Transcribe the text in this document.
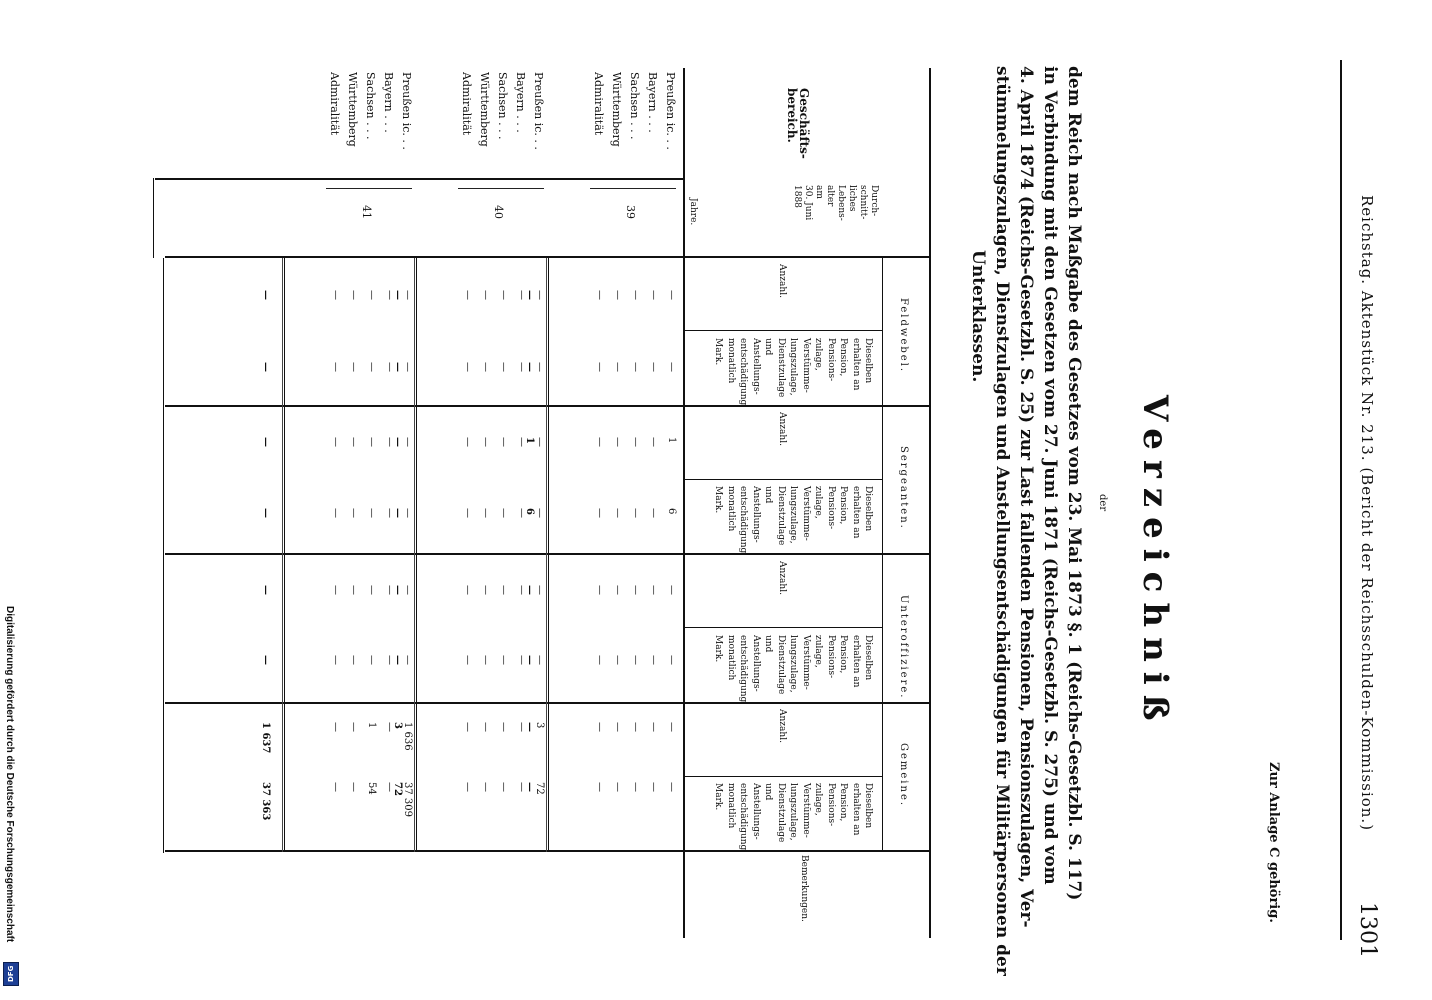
Digitalisierung gefördert durch die Deutsche Forschungsgemeinschaft
DFG
1301
Reichstag. Aktenstück Nr. 213. (Bericht der Reichsschulden-Kommission.)
Zur Anlage C gehörig.
Verzeichniß
der
dem Reich nach Maßgabe des Gesetzes vom 23. Mai 1873 §. 1 (Reichs-Gesetzbl. S. 117)
in Verbindung mit den Gesetzen vom 27. Juni 1871 (Reichs-Gesetzbl. S. 275) und vom
4. April 1874 (Reichs-Gesetzbl. S. 25) zur Last fallenden Pensionen, Pensionszulagen, Ver-
stümmelungszulagen, Dienstzulagen und Anstellungsentschädigungen für Militärpersonen der
Unterklassen.
Geschäfts-bereich.
Durch-
schnitt-
liches
Lebens-
alter
am
30. Juni
1888
Jahre.
Bemerkungen.
Feldwebel.
Anzahl.
Dieselben
erhalten an
Pension,
Pensions-
zulage,
Verstümme-
lungszulage,
Dienstzulage
und
Anstellungs-
entschädigung
monatlich
Mark.
Sergeanten.
Anzahl.
Dieselben
erhalten an
Pension,
Pensions-
zulage,
Verstümme-
lungszulage,
Dienstzulage
und
Anstellungs-
entschädigung
monatlich
Mark.
Unteroffiziere.
Anzahl.
Dieselben
erhalten an
Pension,
Pensions-
zulage,
Verstümme-
lungszulage,
Dienstzulage
und
Anstellungs-
entschädigung
monatlich
Mark.
Gemeine.
Anzahl.
Dieselben
erhalten an
Pension,
Pensions-
zulage,
Verstümme-
lungszulage,
Dienstzulage
und
Anstellungs-
entschädigung
monatlich
Mark.
Preußen ic. . .
—
—
1
6
—
—
—
—
Bayern . . .
—
—
—
—
—
—
—
—
Sachsen . . .
—
—
—
—
—
—
—
—
Württemberg
—
—
—
—
—
—
—
—
Admiralität
—
—
—
—
—
—
—
—
39
—
—
1
6
—
—
—
—
Preußen ic. . .
—
—
—
—
—
—
3
72
Bayern . . .
—
—
—
—
—
—
—
—
Sachsen . . .
—
—
—
—
—
—
—
—
Württemberg
—
—
—
—
—
—
—
—
Admiralität
—
—
—
—
—
—
—
—
40
—
—
—
—
—
—
3
72
Preußen ic. . .
—
—
—
—
—
—
1 636
37 309
Bayern . . .
—
—
—
—
—
—
—
—
Sachsen . . .
—
—
—
—
—
—
1
54
Württemberg
—
—
—
—
—
—
—
—
Admiralität
—
—
—
—
—
—
—
—
41
—
—
—
—
—
—
1 637
37 363
